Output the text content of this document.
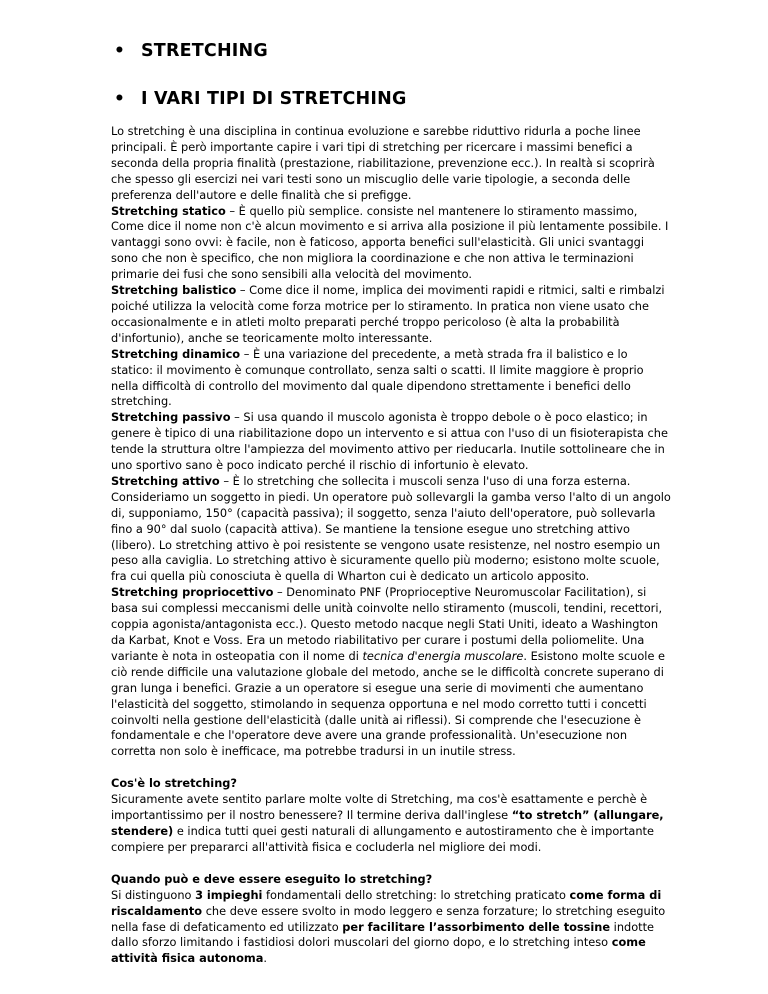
• STRETCHING
• I VARI TIPI DI STRETCHING

Lo stretching è una disciplina in continua evoluzione e sarebbe riduttivo ridurla a poche linee principali. È però importante capire i vari tipi di stretching per ricercare i massimi benefici a seconda della propria finalità (prestazione, riabilitazione, prevenzione ecc.). In realtà si scoprirà che spesso gli esercizi nei vari testi sono un miscuglio delle varie tipologie, a seconda delle preferenza dell'autore e delle finalità che si prefigge.

Stretching statico – È quello più semplice. consiste nel mantenere lo stiramento massimo, Come dice il nome non c'è alcun movimento e si arriva alla posizione il più lentamente possibile. I vantaggi sono ovvi: è facile, non è faticoso, apporta benefici sull'elasticità. Gli unici svantaggi sono che non è specifico, che non migliora la coordinazione e che non attiva le terminazioni primarie dei fusi che sono sensibili alla velocità del movimento.

Stretching balistico – Come dice il nome, implica dei movimenti rapidi e ritmici, salti e rimbalzi poiché utilizza la velocità come forza motrice per lo stiramento. In pratica non viene usato che occasionalmente e in atleti molto preparati perché troppo pericoloso (è alta la probabilità d'infortunio), anche se teoricamente molto interessante.

Stretching dinamico – È una variazione del precedente, a metà strada fra il balistico e lo statico: il movimento è comunque controllato, senza salti o scatti. Il limite maggiore è proprio nella difficoltà di controllo del movimento dal quale dipendono strettamente i benefici dello stretching.

Stretching passivo – Si usa quando il muscolo agonista è troppo debole o è poco elastico; in genere è tipico di una riabilitazione dopo un intervento e si attua con l'uso di un fisioterapista che tende la struttura oltre l'ampiezza del movimento attivo per rieducarla. Inutile sottolineare che in uno sportivo sano è poco indicato perché il rischio di infortunio è elevato.

Stretching attivo – È lo stretching che sollecita i muscoli senza l'uso di una forza esterna. Consideriamo un soggetto in piedi. Un operatore può sollevargli la gamba verso l'alto di un angolo di, supponiamo, 150° (capacità passiva); il soggetto, senza l'aiuto dell'operatore, può sollevarla fino a 90° dal suolo (capacità attiva). Se mantiene la tensione esegue uno stretching attivo (libero). Lo stretching attivo è poi resistente se vengono usate resistenze, nel nostro esempio un peso alla caviglia. Lo stretching attivo è sicuramente quello più moderno; esistono molte scuole, fra cui quella più conosciuta è quella di Wharton cui è dedicato un articolo apposito.

Stretching propriocettivo – Denominato PNF (Proprioceptive Neuromuscolar Facilitation), si basa sui complessi meccanismi delle unità coinvolte nello stiramento (muscoli, tendini, recettori, coppia agonista/antagonista ecc.). Questo metodo nacque negli Stati Uniti, ideato a Washington da Karbat, Knot e Voss. Era un metodo riabilitativo per curare i postumi della poliomelite. Una variante è nota in osteopatia con il nome di tecnica d'energia muscolare. Esistono molte scuole e ciò rende difficile una valutazione globale del metodo, anche se le difficoltà concrete superano di gran lunga i benefici. Grazie a un operatore si esegue una serie di movimenti che aumentano l'elasticità del soggetto, stimolando in sequenza opportuna e nel modo corretto tutti i concetti coinvolti nella gestione dell'elasticità (dalle unità ai riflessi). Si comprende che l'esecuzione è fondamentale e che l'operatore deve avere una grande professionalità. Un'esecuzione non corretta non solo è inefficace, ma potrebbe tradursi in un inutile stress.

Cos'è lo stretching?

Sicuramente avete sentito parlare molte volte di Stretching, ma cos'è esattamente e perchè è importantissimo per il nostro benessere? Il termine deriva dall'inglese “to stretch” (allungare, stendere) e indica tutti quei gesti naturali di allungamento e autostiramento che è importante compiere per prepararci all'attività fisica e cocluderla nel migliore dei modi.

Quando può e deve essere eseguito lo stretching?

Si distinguono 3 impieghi fondamentali dello stretching: lo stretching praticato come forma di riscaldamento che deve essere svolto in modo leggero e senza forzature; lo stretching eseguito nella fase di defaticamento ed utilizzato per facilitare l’assorbimento delle tossine indotte dallo sforzo limitando i fastidiosi dolori muscolari del giorno dopo, e lo stretching inteso come attività fisica autonoma.
